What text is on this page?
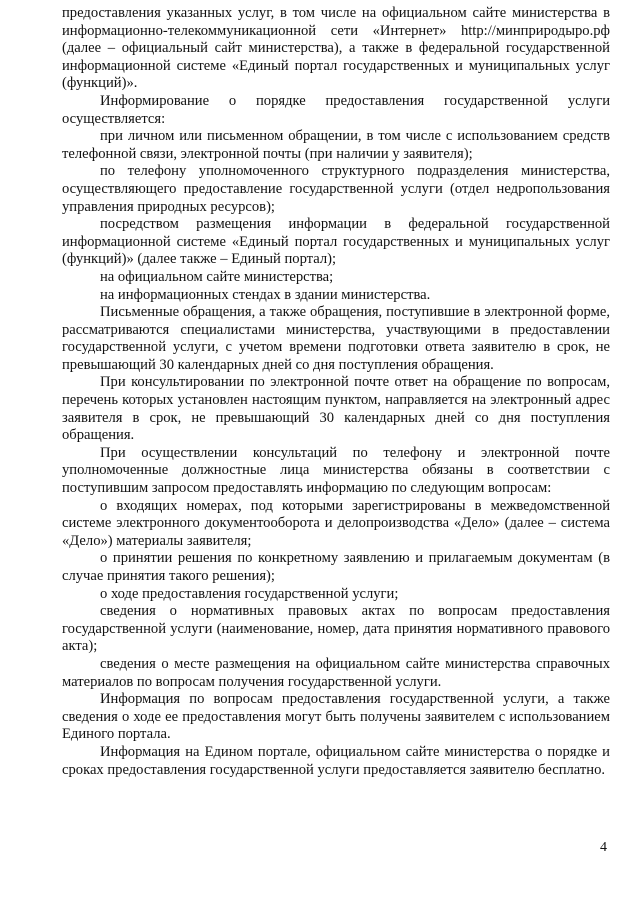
предоставления указанных услуг, в том числе на официальном сайте министерства в информационно-телекоммуникационной сети «Интернет» http://минприродыро.рф (далее – официальный сайт министерства), а также в федеральной государственной информационной системе «Единый портал государственных и муниципальных услуг (функций)».

Информирование о порядке предоставления государственной услуги осуществляется:

при личном или письменном обращении, в том числе с использованием средств телефонной связи, электронной почты (при наличии у заявителя);

по телефону уполномоченного структурного подразделения министерства, осуществляющего предоставление государственной услуги (отдел недропользования управления природных ресурсов);

посредством размещения информации в федеральной государственной информационной системе «Единый портал государственных и муниципальных услуг (функций)» (далее также – Единый портал);

на официальном сайте министерства;

на информационных стендах в здании министерства.

Письменные обращения, а также обращения, поступившие в электронной форме, рассматриваются специалистами министерства, участвующими в предоставлении государственной услуги, с учетом времени подготовки ответа заявителю в срок, не превышающий 30 календарных дней со дня поступления обращения.

При консультировании по электронной почте ответ на обращение по вопросам, перечень которых установлен настоящим пунктом, направляется на электронный адрес заявителя в срок, не превышающий 30 календарных дней со дня поступления обращения.

При осуществлении консультаций по телефону и электронной почте уполномоченные должностные лица министерства обязаны в соответствии с поступившим запросом предоставлять информацию по следующим вопросам:

о входящих номерах, под которыми зарегистрированы в межведомственной системе электронного документооборота и делопроизводства «Дело» (далее – система «Дело») материалы заявителя;

о принятии решения по конкретному заявлению и прилагаемым документам (в случае принятия такого решения);

о ходе предоставления государственной услуги;

сведения о нормативных правовых актах по вопросам предоставления государственной услуги (наименование, номер, дата принятия нормативного правового акта);

сведения о месте размещения на официальном сайте министерства справочных материалов по вопросам получения государственной услуги.

Информация по вопросам предоставления государственной услуги, а также сведения о ходе ее предоставления могут быть получены заявителем с использованием Единого портала.

Информация на Едином портале, официальном сайте министерства о порядке и сроках предоставления государственной услуги предоставляется заявителю бесплатно.

4
